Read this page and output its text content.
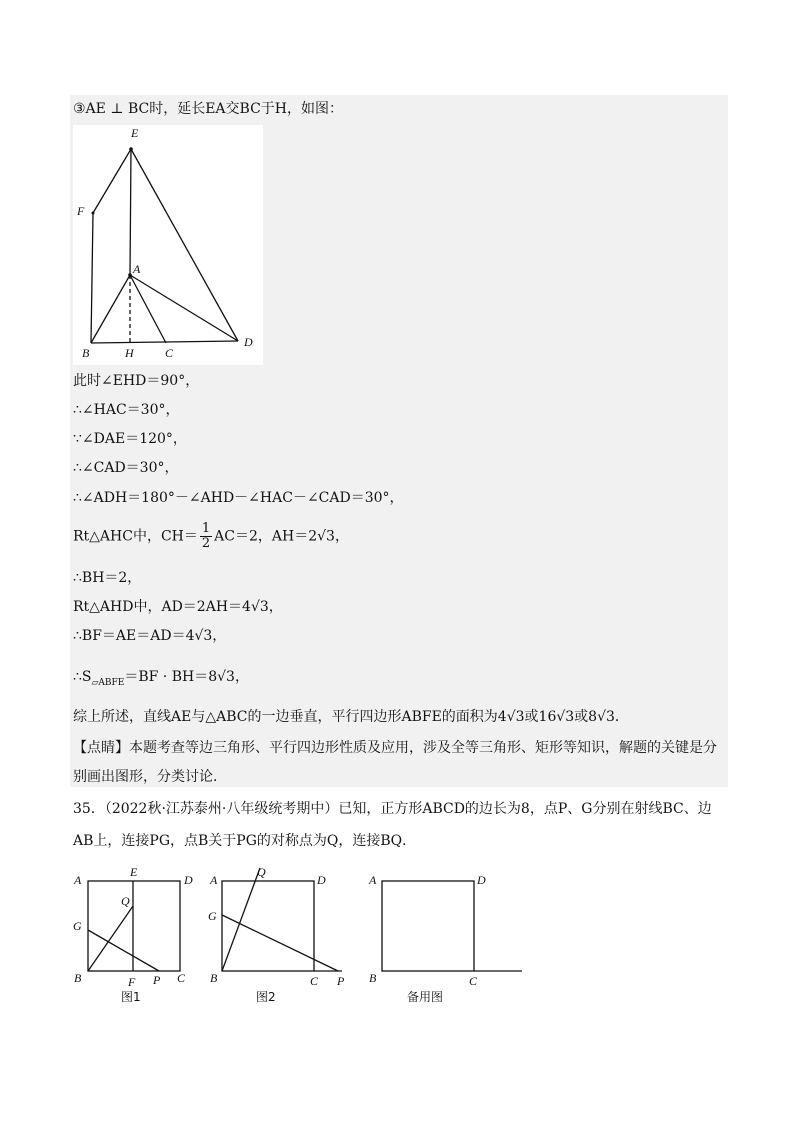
③AE ⊥ BC时，延长EA交BC于H，如图：
E
F
A
B	H	C
D
此时∠EHD＝90°，
∴∠HAC＝30°，
∵∠DAE＝120°，
∴∠CAD＝30°，
∴∠ADH＝180°－∠AHD－∠HAC－∠CAD＝30°，
Rt△AHC中，$CH= \frac{1}{2} AC=2$，AH＝2√3，
∴BH＝2，
Rt△AHD中，AD＝2AH＝4√3，
∴BF＝AE＝AD＝4√3，
$\therefore S_{▱ABFE}=BF \cdot BH=8√3$，
综上所述，直线AE与△ABC的一边垂直，平行四边形ABFE的面积为4√3或16√3或8√3．
【点睛】本题考查等边三角形、平行四边形性质及应用，涉及全等三角形、矩形等知识，解题的关键是分
别画出图形，分类讨论．
35．（2022秋·江苏泰州·八年级统考期中）已知，正方形ABCD的边长为8，点P、G分别在射线BC、边
AB上，连接PG，点B关于PG的对称点为Q，连接BQ．
A
E
D
Q
G
B	F P C
图1
A
Q
D
G
B	C P
图2
A	D
B	C
备用图
